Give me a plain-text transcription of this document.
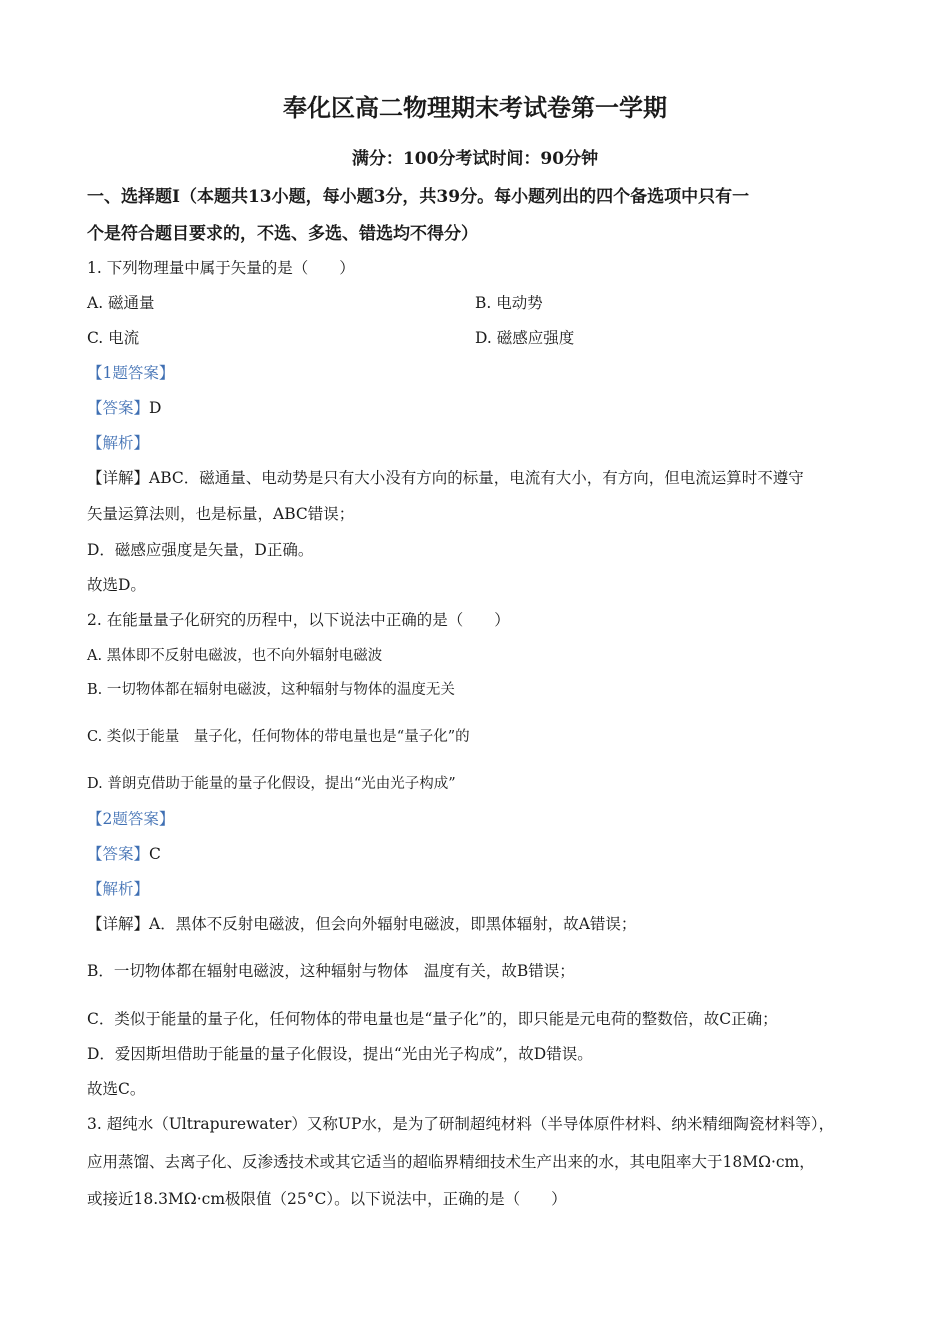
奉化区高二物理期末考试卷第一学期
满分：100分考试时间：90分钟
一、选择题Ⅰ（本题共13小题，每小题3分，共39分。每小题列出的四个备选项中只有一
个是符合题目要求的，不选、多选、错选均不得分）
1. 下列物理量中属于矢量的是（　　）
A. 磁通量	B. 电动势
C. 电流	D. 磁感应强度
【1题答案】
【答案】D
【解析】
【详解】ABC．磁通量、电动势是只有大小没有方向的标量，电流有大小，有方向，但电流运算时不遵守
矢量运算法则，也是标量，ABC错误；
D．磁感应强度是矢量，D正确。
故选D。
2. 在能量量子化研究的历程中，以下说法中正确的是（　　）
A. 黑体即不反射电磁波，也不向外辐射电磁波
B. 一切物体都在辐射电磁波，这种辐射与物体的温度无关
C. 类似于能量　量子化，任何物体的带电量也是“量子化”的
D. 普朗克借助于能量的量子化假设，提出“光由光子构成”
【2题答案】
【答案】C
【解析】
【详解】A．黑体不反射电磁波，但会向外辐射电磁波，即黑体辐射，故A错误；
B．一切物体都在辐射电磁波，这种辐射与物体　温度有关，故B错误；
C．类似于能量的量子化，任何物体的带电量也是“量子化”的，即只能是元电荷的整数倍，故C正确；
D．爱因斯坦借助于能量的量子化假设，提出“光由光子构成”，故D错误。
故选C。
3. 超纯水（Ultrapurewater）又称UP水，是为了研制超纯材料（半导体原件材料、纳米精细陶瓷材料等），
应用蒸馏、去离子化、反渗透技术或其它适当的超临界精细技术生产出来的水，其电阻率大于18MΩ·cm，
或接近18.3MΩ·cm极限值（25°C）。以下说法中，正确的是（　　）
